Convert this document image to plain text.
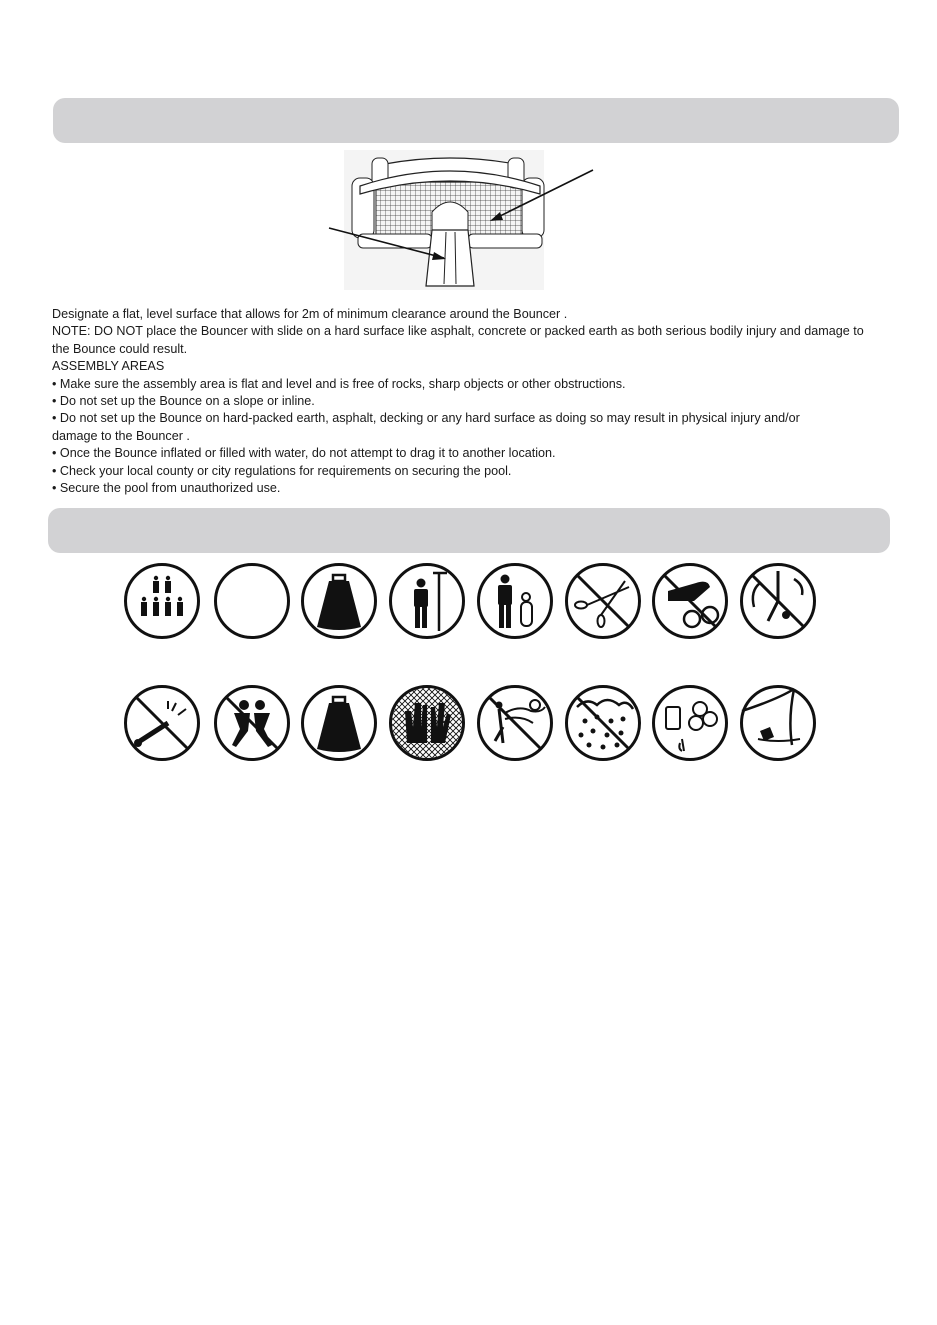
Designate a flat, level surface that allows for 2m of minimum clearance around the Bouncer .

NOTE: DO NOT place the Bouncer with slide on a hard surface like asphalt, concrete or packed earth as both serious bodily injury and damage to

the Bounce could result.

ASSEMBLY AREAS

• Make sure the assembly area is flat and level and is free of rocks, sharp objects or other obstructions.

• Do not set up the Bounce on a slope or inline.

• Do not set up the Bounce on hard-packed earth, asphalt, decking or any hard surface as doing so may result in physical injury and/or

damage to the Bouncer .

• Once the Bounce inflated or filled with water, do not attempt to drag it to another location.

• Check your local county or city regulations for requirements on securing the pool.

• Secure the pool from unauthorized use.
